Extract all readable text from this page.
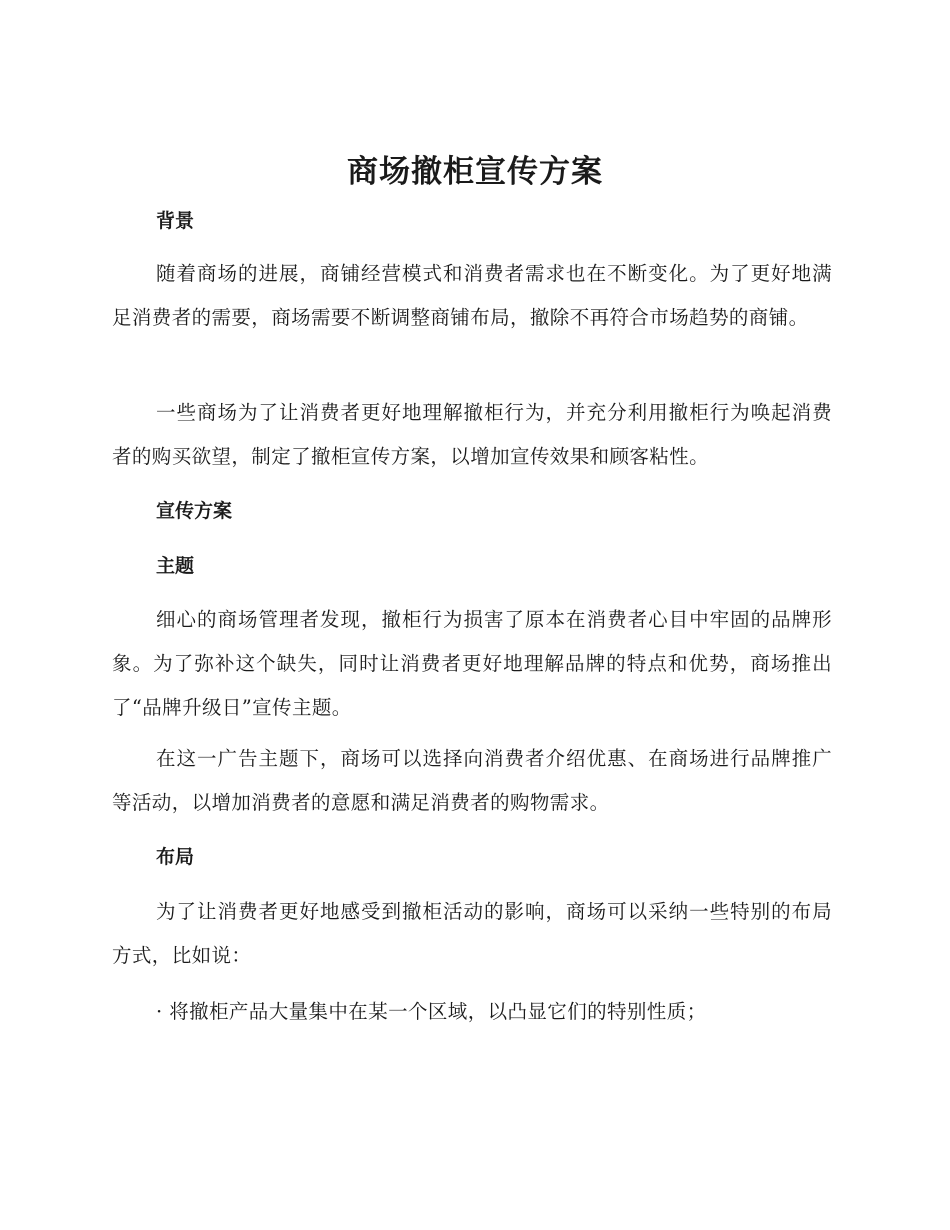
商场撤柜宣传方案
背景

随着商场的进展，商铺经营模式和消费者需求也在不断变化。为了更好地满足消费者的需要，商场需要不断调整商铺布局，撤除不再符合市场趋势的商铺。

一些商场为了让消费者更好地理解撤柜行为，并充分利用撤柜行为唤起消费者的购买欲望，制定了撤柜宣传方案，以增加宣传效果和顾客粘性。

宣传方案
主题

细心的商场管理者发现，撤柜行为损害了原本在消费者心目中牢固的品牌形象。为了弥补这个缺失，同时让消费者更好地理解品牌的特点和优势，商场推出了“品牌升级日”宣传主题。

在这一广告主题下，商场可以选择向消费者介绍优惠、在商场进行品牌推广等活动，以增加消费者的意愿和满足消费者的购物需求。

布局

为了让消费者更好地感受到撤柜活动的影响，商场可以采纳一些特别的布局方式，比如说：

· 将撤柜产品大量集中在某一个区域，以凸显它们的特别性质；
